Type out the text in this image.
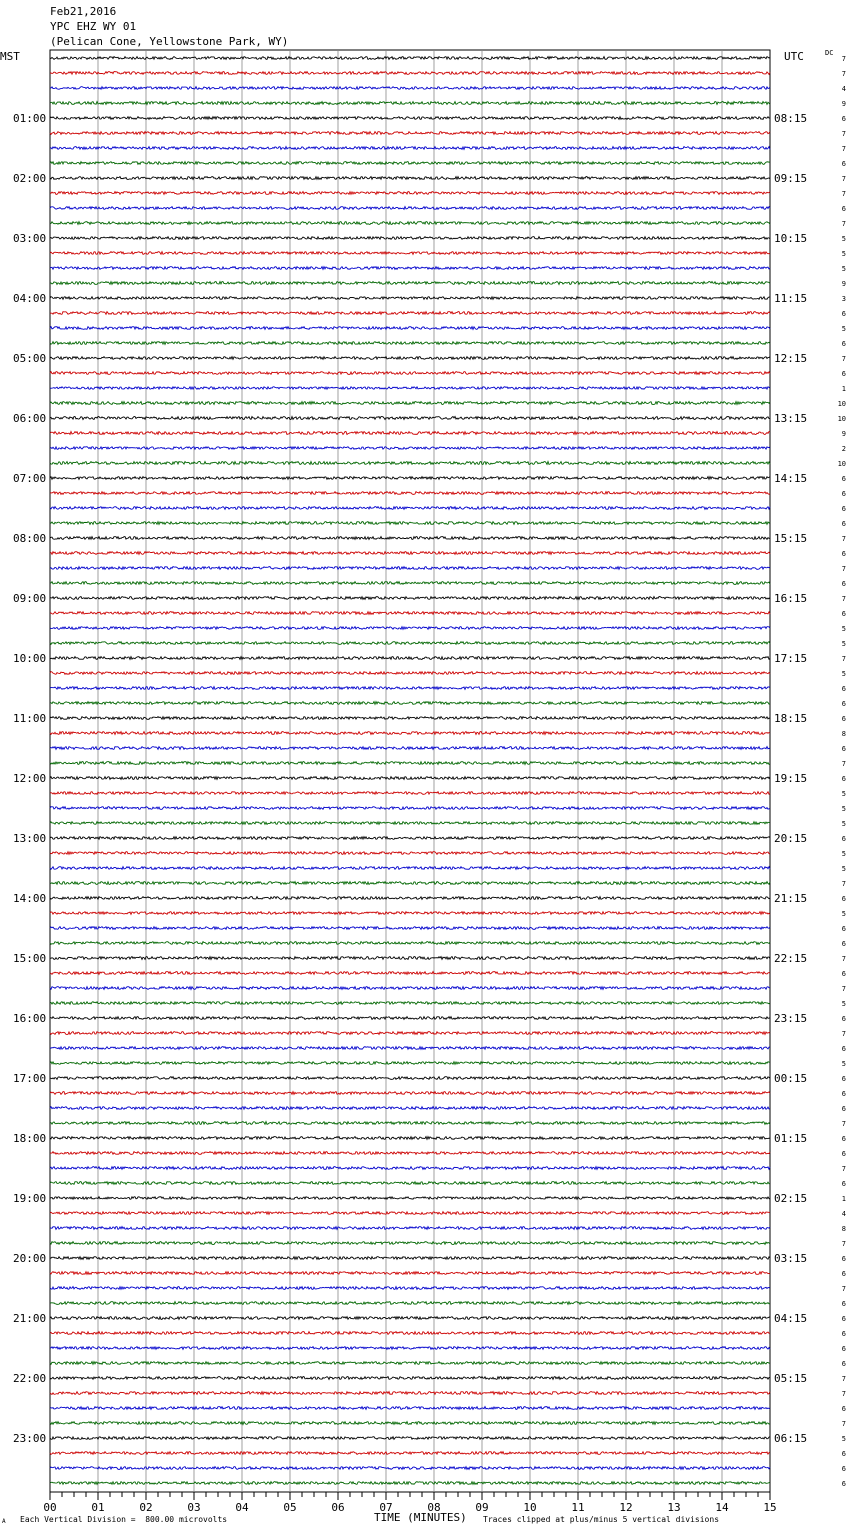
Feb21,2016
YPC EHZ WY 01
(Pelican Cone, Yellowstone Park, WY)
MST	UTC	DC
01:00
02:00
03:00
04:00
05:00
06:00
07:00
08:00
09:00
10:00
11:00
12:00
13:00
14:00
15:00
16:00
17:00
18:00
19:00
20:00
21:00
22:00
23:00
08:15
09:15
10:15
11:15
12:15
13:15
14:15
15:15
16:15
17:15
18:15
19:15
20:15
21:15
22:15
23:15
00:15
01:15
02:15
03:15
04:15
05:15
06:15
7
7
4
9
6
7
7
6
7
7
6
7
5
5
5
9
3
6
5
6
7
6
1
10
10
9
2
10
6
6
6
6
7
6
7
6
7
6
5
5
7
5
6
6
6
8
6
7
6
5
5
5
6
5
5
7
6
5
6
6
7
6
7
5
6
7
6
5
6
6
6
7
6
6
7
6
1
4
8
7
6
6
7
6
6
6
6
6
7
7
6
7
5
6
6
6
00	01	02	03	04	05	06	07	08	09	10	11	12	13	14	15
A Each Vertical Division =  800.00 microvolts	TIME (MINUTES) Traces clipped at plus/minus 5 vertical divisions
